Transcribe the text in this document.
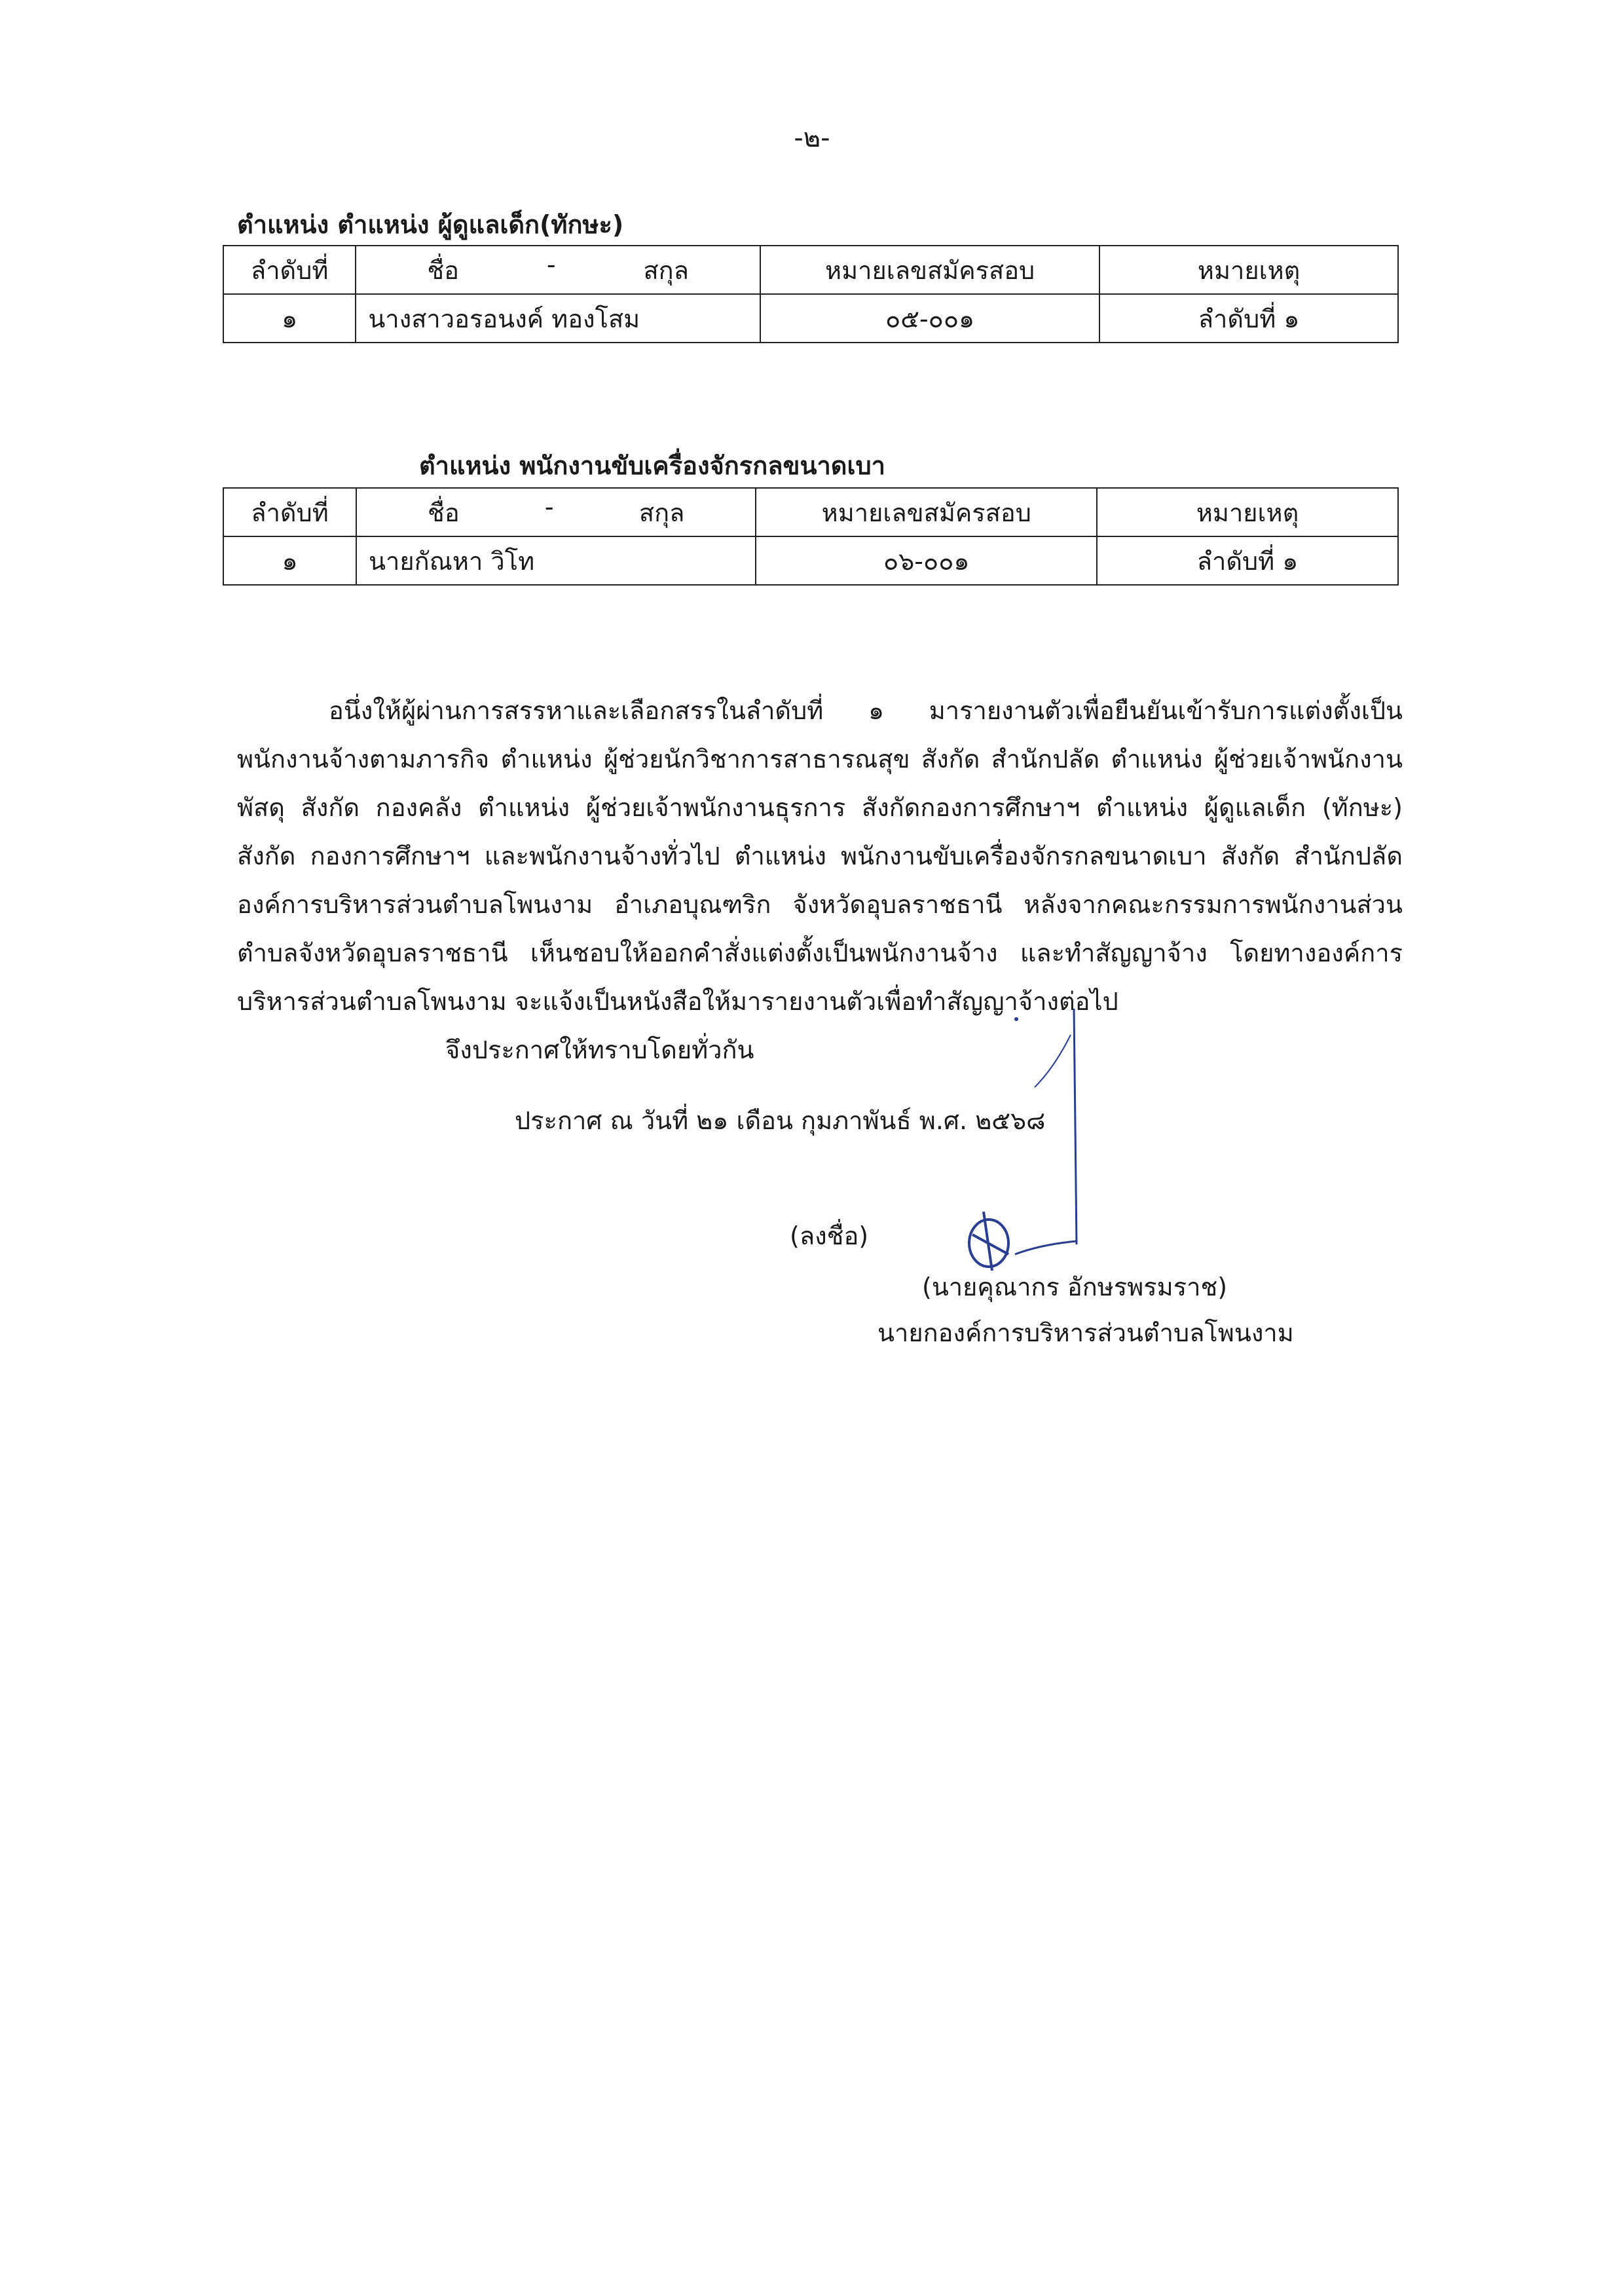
-๒-
ตำแหน่ง ตำแหน่ง ผู้ดูแลเด็ก(ทักษะ)
ลำดับที่	ชื่อ - สกุล	หมายเลขสมัครสอบ	หมายเหตุ
๑	นางสาวอรอนงค์ ทองโสม	๐๕-๐๐๑	ลำดับที่ ๑
ตำแหน่ง พนักงานขับเครื่องจักรกลขนาดเบา
ลำดับที่	ชื่อ - สกุล	หมายเลขสมัครสอบ	หมายเหตุ
๑	นายกัณหา วิโท	๐๖-๐๐๑	ลำดับที่ ๑
อนึ่งให้ผู้ผ่านการสรรหาและเลือกสรรในลำดับที่ ๑ มารายงานตัวเพื่อยืนยันเข้ารับการแต่งตั้งเป็นพนักงานจ้างตามภารกิจ ตำแหน่ง ผู้ช่วยนักวิชาการสาธารณสุข สังกัด สำนักปลัด ตำแหน่ง ผู้ช่วยเจ้าพนักงานพัสดุ สังกัด กองคลัง ตำแหน่ง ผู้ช่วยเจ้าพนักงานธุรการ สังกัดกองการศึกษาฯ ตำแหน่ง ผู้ดูแลเด็ก (ทักษะ) สังกัด กองการศึกษาฯ และพนักงานจ้างทั่วไป ตำแหน่ง พนักงานขับเครื่องจักรกลขนาดเบา สังกัด สำนักปลัด องค์การบริหารส่วนตำบลโพนงาม อำเภอบุณฑริก จังหวัดอุบลราชธานี หลังจากคณะกรรมการพนักงานส่วนตำบลจังหวัดอุบลราชธานี เห็นชอบให้ออกคำสั่งแต่งตั้งเป็นพนักงานจ้าง และทำสัญญาจ้าง โดยทางองค์การบริหารส่วนตำบลโพนงาม จะแจ้งเป็นหนังสือให้มารายงานตัวเพื่อทำสัญญาจ้างต่อไป
จึงประกาศให้ทราบโดยทั่วกัน
ประกาศ ณ วันที่ ๒๑ เดือน กุมภาพันธ์ พ.ศ. ๒๕๖๘
(ลงชื่อ)
(นายคุณากร อักษรพรมราช)
นายกองค์การบริหารส่วนตำบลโพนงาม
